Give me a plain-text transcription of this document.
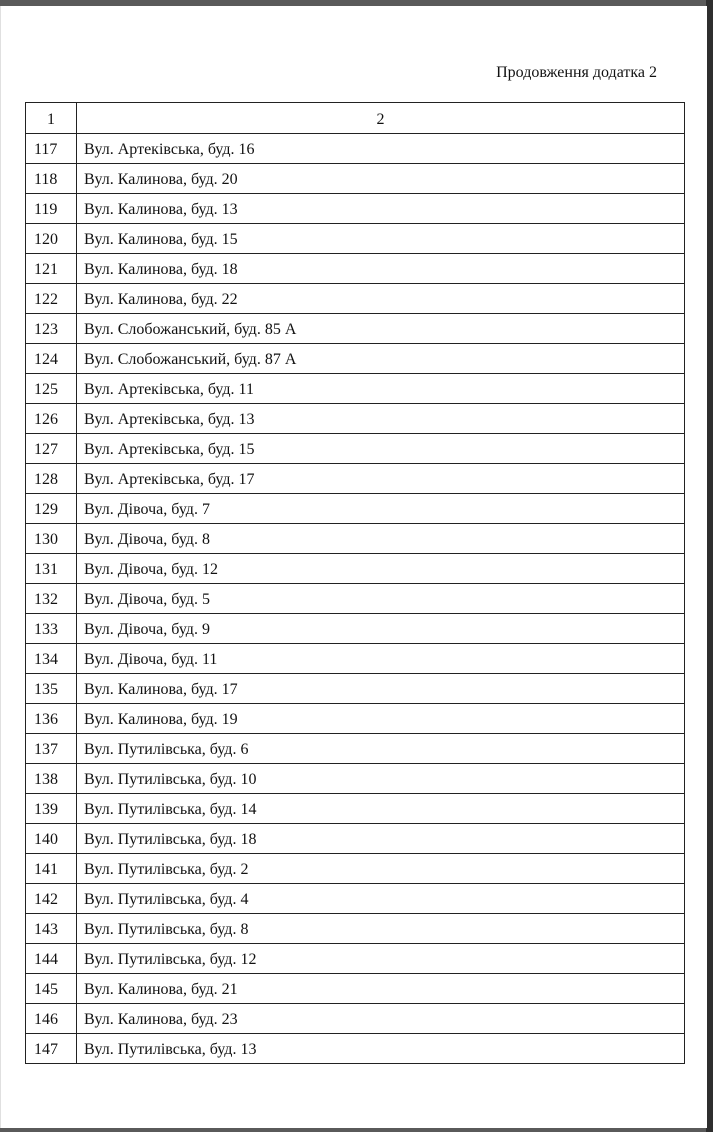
Продовження додатка 2
1	2
117	Вул. Артеківська, буд. 16
118	Вул. Калинова, буд. 20
119	Вул. Калинова, буд. 13
120	Вул. Калинова, буд. 15
121	Вул. Калинова, буд. 18
122	Вул. Калинова, буд. 22
123	Вул. Слобожанський, буд. 85 А
124	Вул. Слобожанський, буд. 87 А
125	Вул. Артеківська, буд. 11
126	Вул. Артеківська, буд. 13
127	Вул. Артеківська, буд. 15
128	Вул. Артеківська, буд. 17
129	Вул. Дівоча, буд. 7
130	Вул. Дівоча, буд. 8
131	Вул. Дівоча, буд. 12
132	Вул. Дівоча, буд. 5
133	Вул. Дівоча, буд. 9
134	Вул. Дівоча, буд. 11
135	Вул. Калинова, буд. 17
136	Вул. Калинова, буд. 19
137	Вул. Путилівська, буд. 6
138	Вул. Путилівська, буд. 10
139	Вул. Путилівська, буд. 14
140	Вул. Путилівська, буд. 18
141	Вул. Путилівська, буд. 2
142	Вул. Путилівська, буд. 4
143	Вул. Путилівська, буд. 8
144	Вул. Путилівська, буд. 12
145	Вул. Калинова, буд. 21
146	Вул. Калинова, буд. 23
147	Вул. Путилівська, буд. 13
